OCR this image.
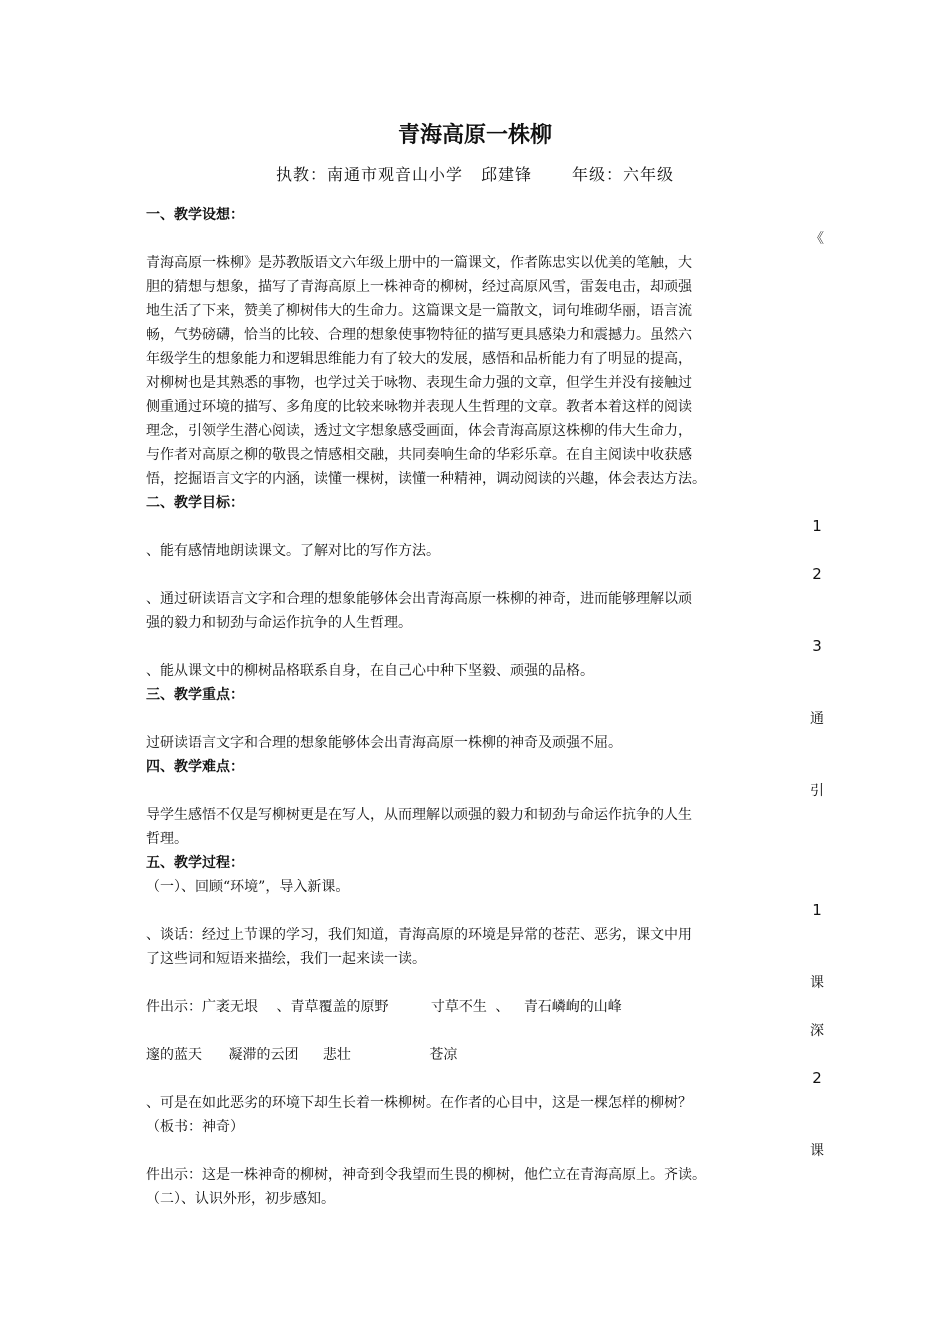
青海高原一株柳
执教：南通市观音山小学 邱建锋	年级：六年级
一、教学设想：
《
青海高原一株柳》是苏教版语文六年级上册中的一篇课文，作者陈忠实以优美的笔触，大
胆的猜想与想象，描写了青海高原上一株神奇的柳树，经过高原风雪，雷轰电击，却顽强
地生活了下来，赞美了柳树伟大的生命力。这篇课文是一篇散文，词句堆砌华丽，语言流
畅，气势磅礴，恰当的比较、合理的想象使事物特征的描写更具感染力和震撼力。虽然六
年级学生的想象能力和逻辑思维能力有了较大的发展，感悟和品析能力有了明显的提高，
对柳树也是其熟悉的事物，也学过关于咏物、表现生命力强的文章，但学生并没有接触过
侧重通过环境的描写、多角度的比较来咏物并表现人生哲理的文章。教者本着这样的阅读
理念，引领学生潜心阅读，透过文字想象感受画面，体会青海高原这株柳的伟大生命力，
与作者对高原之柳的敬畏之情感相交融，共同奏响生命的华彩乐章。在自主阅读中收获感
悟，挖掘语言文字的内涵，读懂一棵树，读懂一种精神，调动阅读的兴趣，体会表达方法。
二、教学目标：
1
、能有感情地朗读课文。了解对比的写作方法。
2
、通过研读语言文字和合理的想象能够体会出青海高原一株柳的神奇，进而能够理解以顽
强的毅力和韧劲与命运作抗争的人生哲理。
3
、能从课文中的柳树品格联系自身，在自己心中种下坚毅、顽强的品格。
三、教学重点：
通
过研读语言文字和合理的想象能够体会出青海高原一株柳的神奇及顽强不屈。
四、教学难点：
引
导学生感悟不仅是写柳树更是在写人，从而理解以顽强的毅力和韧劲与命运作抗争的人生
哲理。
五、教学过程：
（一）、回顾“环境”，导入新课。
1
、谈话：经过上节课的学习，我们知道，青海高原的环境是异常的苍茫、恶劣，课文中用
了这些词和短语来描绘，我们一起来读一读。
课
件出示：广袤无垠 、青草覆盖的原野	寸草不生 、 青石嶙峋的山峰
深
邃的蓝天 凝滞的云团 悲壮	苍凉
2
、可是在如此恶劣的环境下却生长着一株柳树。在作者的心目中，这是一棵怎样的柳树？
（板书：神奇）
课
件出示：这是一株神奇的柳树，神奇到令我望而生畏的柳树，他伫立在青海高原上。齐读。
（二）、认识外形，初步感知。
